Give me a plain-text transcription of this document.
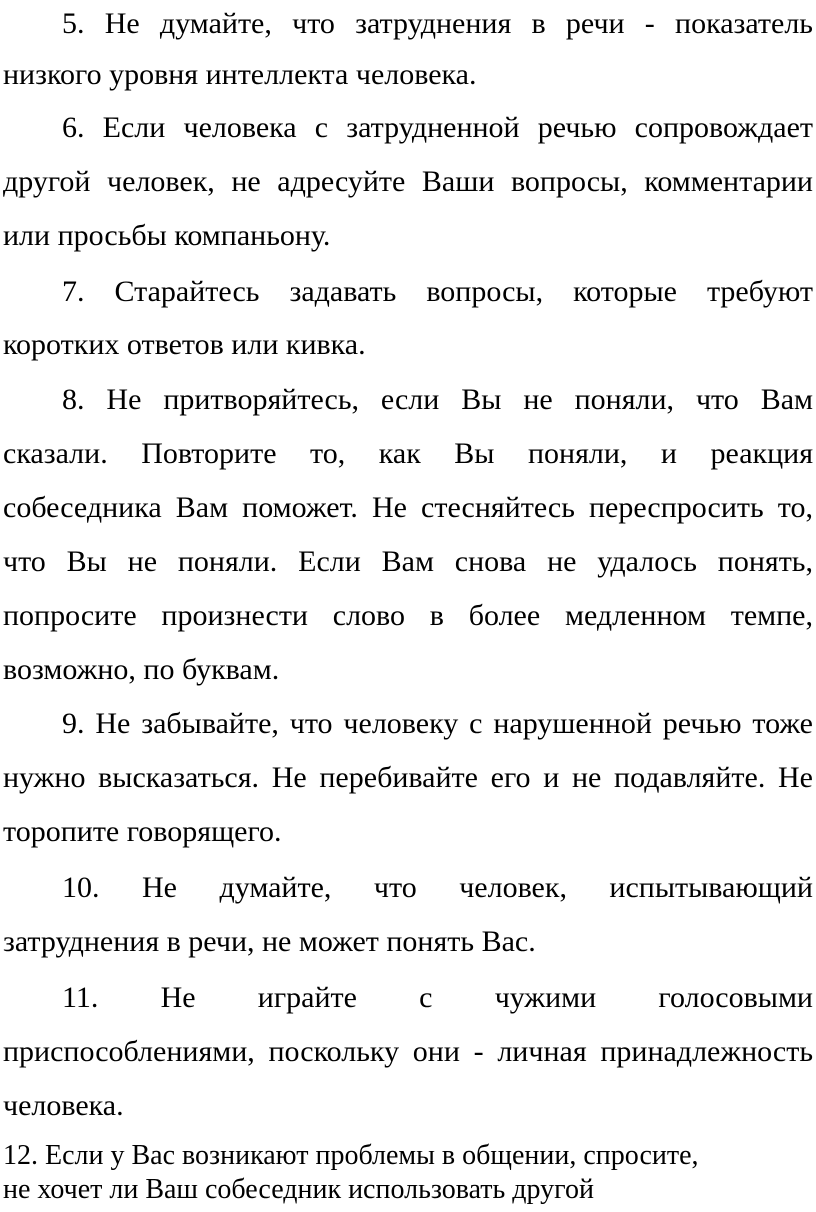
5. Не думайте, что затруднения в речи - показатель
низкого уровня интеллекта человека.
6. Если человека с затрудненной речью сопровождает
другой человек, не адресуйте Ваши вопросы, комментарии
или просьбы компаньону.
7. Старайтесь задавать вопросы, которые требуют
коротких ответов или кивка.
8. Не притворяйтесь, если Вы не поняли, что Вам
сказали. Повторите то, как Вы поняли, и реакция
собеседника Вам поможет. Не стесняйтесь переспросить то,
что Вы не поняли. Если Вам снова не удалось понять,
попросите произнести слово в более медленном темпе,
возможно, по буквам.
9. Не забывайте, что человеку с нарушенной речью тоже
нужно высказаться. Не перебивайте его и не подавляйте. Не
торопите говорящего.
10. Не думайте, что человек, испытывающий
затруднения в речи, не может понять Вас.
11. Не играйте с чужими голосовыми
приспособлениями, поскольку они - личная принадлежность
человека.
12. Если у Вас возникают проблемы в общении, спросите,
не хочет ли Ваш собеседник использовать другой
